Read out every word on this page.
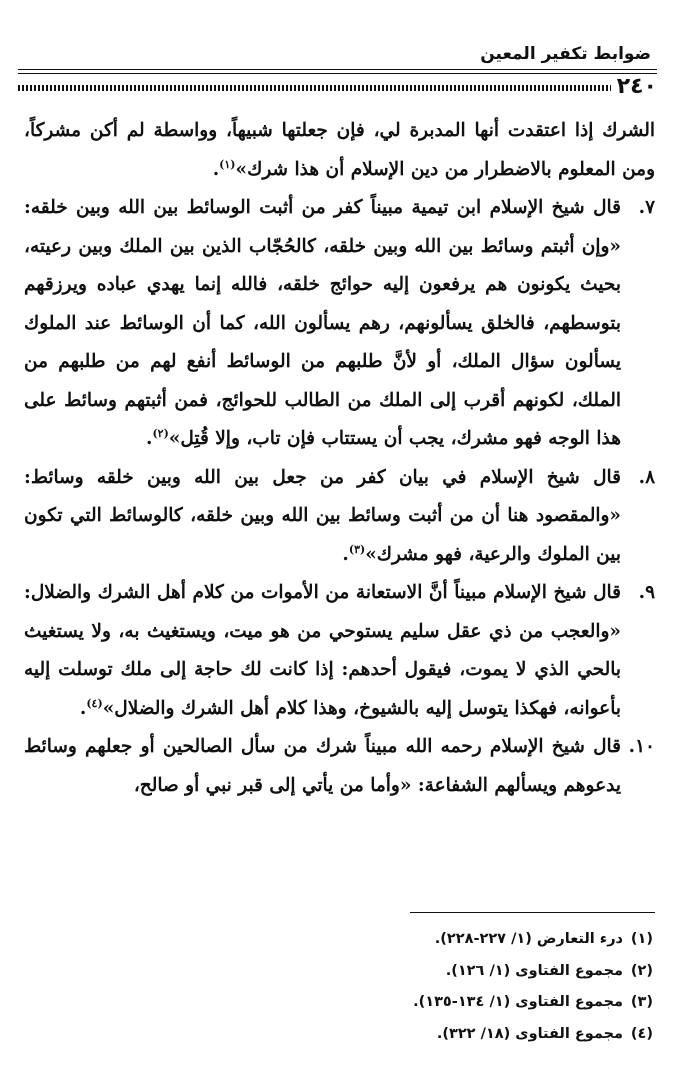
ضوابط تكفير المعين
٢٤٠

الشرك إذا اعتقدت أنها المدبرة لي، فإن جعلتها شبيهاً، وواسطة لم أكن مشركاً، ومن المعلوم بالاضطرار من دين الإسلام أن هذا شرك»$^{(١)}$.

٧.
قال شيخ الإسلام ابن تيمية مبيناً كفر من أثبت الوسائط بين الله وبين خلقه: «وإن أثبتم وسائط بين الله وبين خلقه، كالحُجّاب الذين بين الملك وبين رعيته، بحيث يكونون هم يرفعون إليه حوائج خلقه، فالله إنما يهدي عباده ويرزقهم بتوسطهم، فالخلق يسألونهم، رهم يسألون الله، كما أن الوسائط عند الملوك يسألون سؤال الملك، أو لأنَّ طلبهم من الوسائط أنفع لهم من طلبهم من الملك، لكونهم أقرب إلى الملك من الطالب للحوائج، فمن أثبتهم وسائط على هذا الوجه فهو مشرك، يجب أن يستتاب فإن تاب، وإلا قُتِل»$^{(٢)}$.

٨.
قال شيخ الإسلام في بيان كفر من جعل بين الله وبين خلقه وسائط: «والمقصود هنا أن من أثبت وسائط بين الله وبين خلقه، كالوسائط التي تكون بين الملوك والرعية، فهو مشرك»$^{(٣)}$.

٩.
قال شيخ الإسلام مبيناً أنَّ الاستعانة من الأموات من كلام أهل الشرك والضلال: «والعجب من ذي عقل سليم يستوحي من هو ميت، ويستغيث به، ولا يستغيث بالحي الذي لا يموت، فيقول أحدهم: إذا كانت لك حاجة إلى ملك توسلت إليه بأعوانه، فهكذا يتوسل إليه بالشيوخ، وهذا كلام أهل الشرك والضلال»$^{(٤)}$.

١٠.
قال شيخ الإسلام رحمه الله مبيناً شرك من سأل الصالحين أو جعلهم وسائط يدعوهم ويسألهم الشفاعة: «وأما من يأتي إلى قبر نبي أو صالح،

(١)
درء التعارض (١/ ٢٢٧-٢٢٨).

(٢)
مجموع الفتاوى (١/ ١٢٦).

(٣)
مجموع الفتاوى (١/ ١٣٤-١٣٥).

(٤)
مجموع الفتاوى (١٨/ ٣٢٢).
